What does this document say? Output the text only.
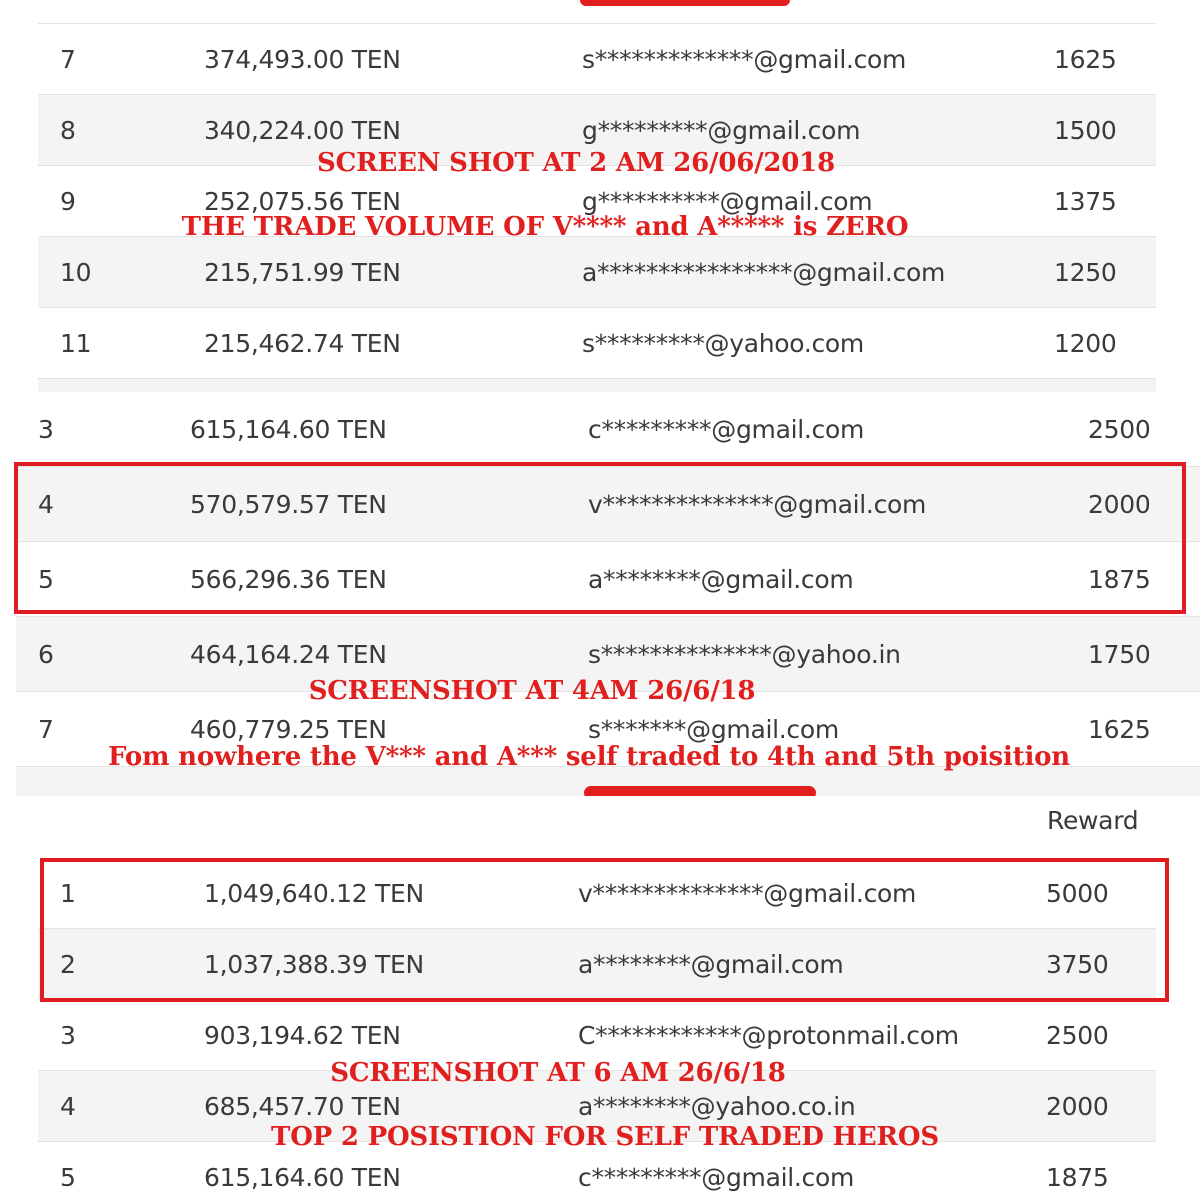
7	374,493.00 TEN	s*************@gmail.com	1625
8	340,224.00 TEN	g*********@gmail.com	1500
9	252,075.56 TEN	g**********@gmail.com	1375
10	215,751.99 TEN	a****************@gmail.com	1250
11	215,462.74 TEN	s*********@yahoo.com	1200
SCREEN SHOT AT 2 AM 26/06/2018
THE TRADE VOLUME OF V**** and A***** is ZERO
3	615,164.60 TEN	c*********@gmail.com	2500
4	570,579.57 TEN	v**************@gmail.com	2000
5	566,296.36 TEN	a********@gmail.com	1875
6	464,164.24 TEN	s**************@yahoo.in	1750
7	460,779.25 TEN	s*******@gmail.com	1625
SCREENSHOT AT 4AM 26/6/18
Fom nowhere the V*** and A*** self traded to 4th and 5th poisition
Reward
1	1,049,640.12 TEN	v**************@gmail.com	5000
2	1,037,388.39 TEN	a********@gmail.com	3750
3	903,194.62 TEN	C************@protonmail.com	2500
4	685,457.70 TEN	a********@yahoo.co.in	2000
5	615,164.60 TEN	c*********@gmail.com	1875
SCREENSHOT AT 6 AM 26/6/18
TOP 2 POSISTION FOR SELF TRADED HEROS
